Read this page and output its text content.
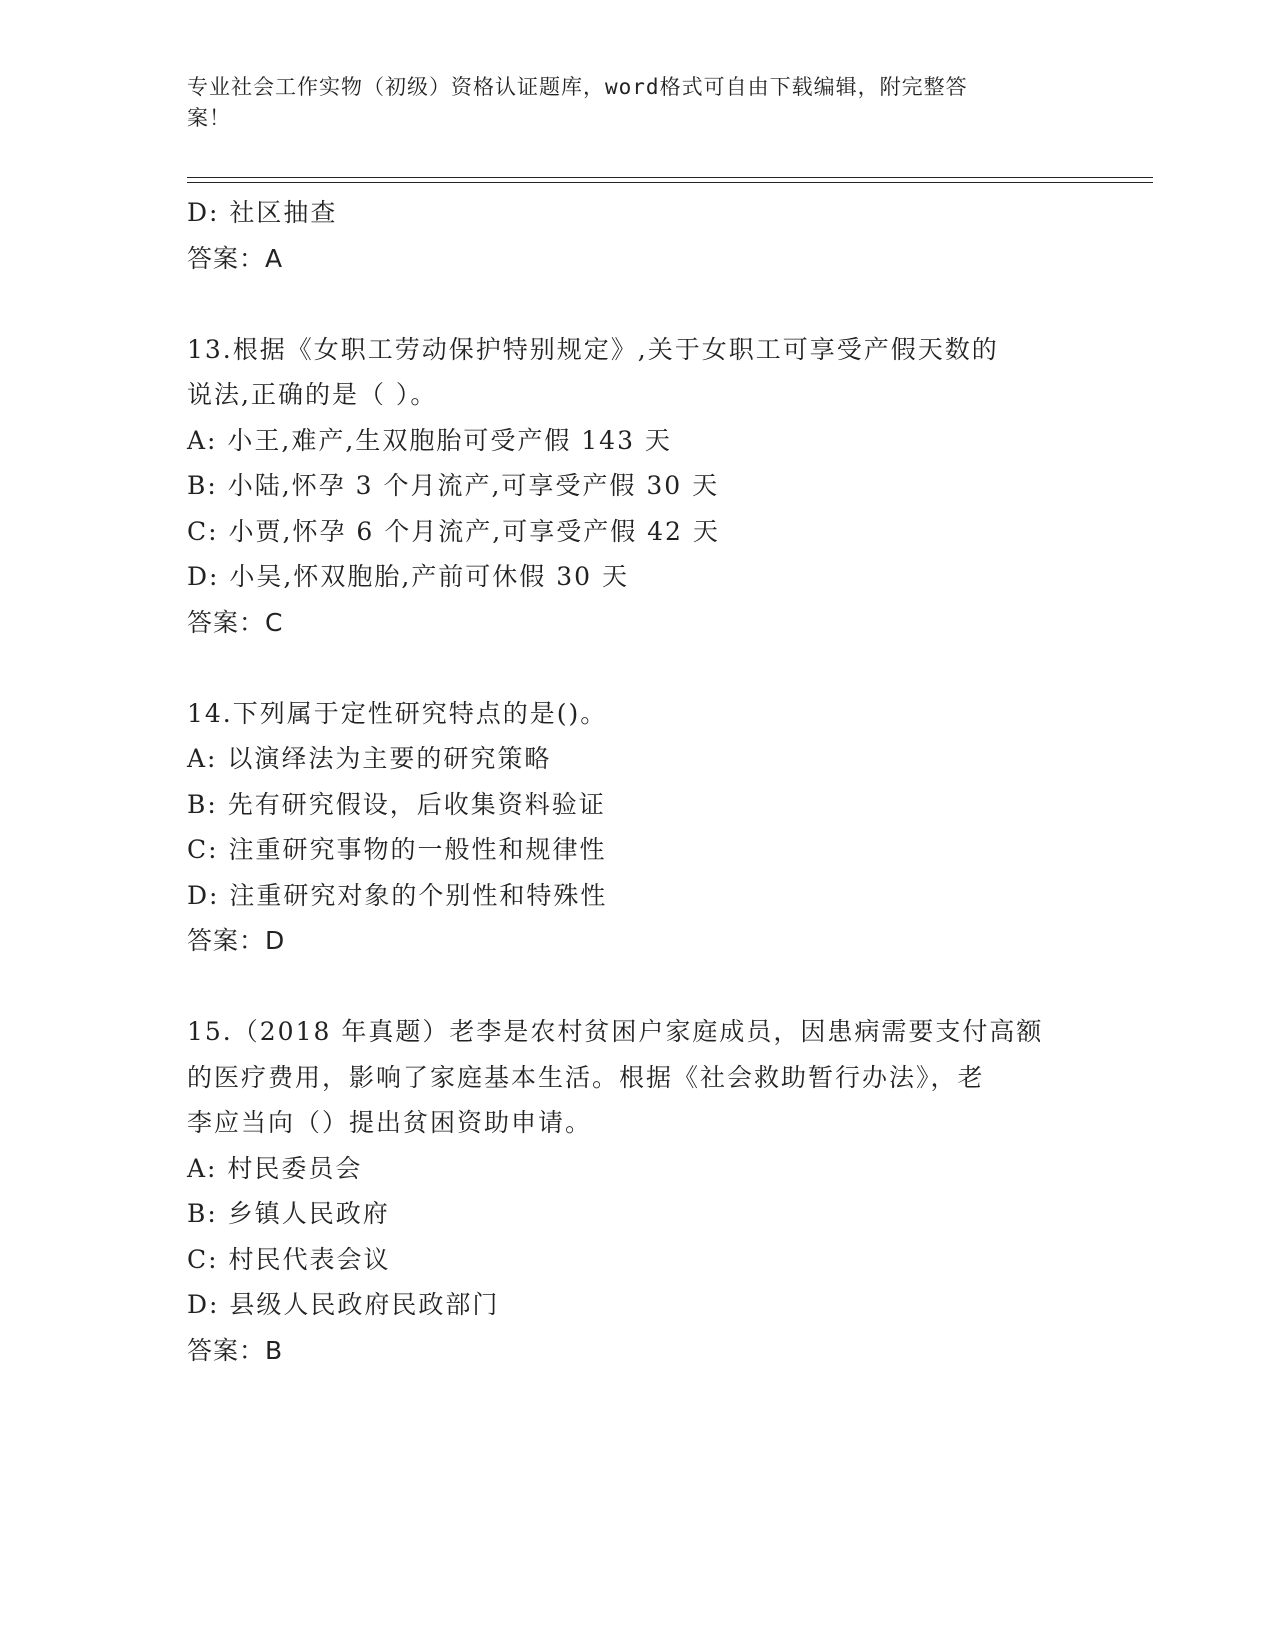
专业社会工作实物（初级）资格认证题库，word格式可自由下载编辑，附完整答
案！
D: 社区抽查
答案：A
13.根据《女职工劳动保护特别规定》,关于女职工可享受产假天数的
说法,正确的是（ ）。
A: 小王,难产,生双胞胎可受产假 143 天
B: 小陆,怀孕 3 个月流产,可享受产假 30 天
C: 小贾,怀孕 6 个月流产,可享受产假 42 天
D: 小吴,怀双胞胎,产前可休假 30 天
答案：C
14.下列属于定性研究特点的是()。
A: 以演绎法为主要的研究策略
B: 先有研究假设，后收集资料验证
C: 注重研究事物的一般性和规律性
D: 注重研究对象的个别性和特殊性
答案：D
15.（2018 年真题）老李是农村贫困户家庭成员，因患病需要支付高额
的医疗费用，影响了家庭基本生活。根据《社会救助暂行办法》，老
李应当向（）提出贫困资助申请。
A: 村民委员会
B: 乡镇人民政府
C: 村民代表会议
D: 县级人民政府民政部门
答案：B
